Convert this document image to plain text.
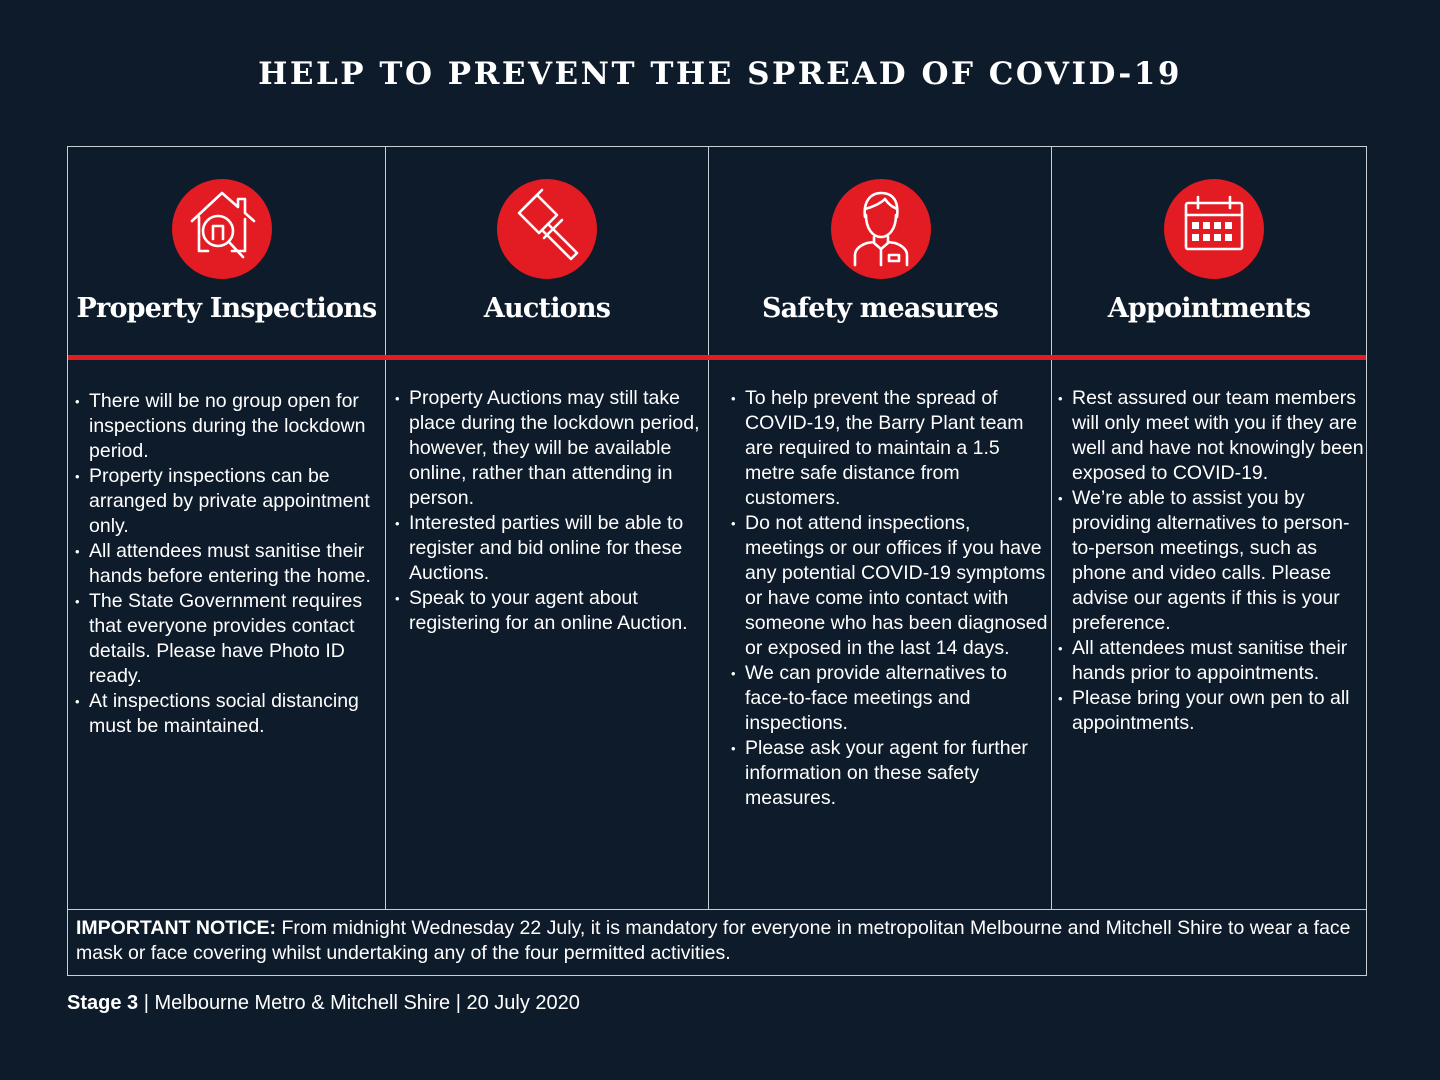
HELP TO PREVENT THE SPREAD OF COVID-19
Property Inspections
• There will be no group open for inspections during the lockdown period.
• Property inspections can be arranged by private appointment only.
• All attendees must sanitise their hands before entering the home.
• The State Government requires that everyone provides contact details. Please have Photo ID ready.
• At inspections social distancing must be maintained.
Auctions
• Property Auctions may still take place during the lockdown period, however, they will be available online, rather than attending in person.
• Interested parties will be able to register and bid online for these Auctions.
• Speak to your agent about registering for an online Auction.
Safety measures
• To help prevent the spread of COVID-19, the Barry Plant team are required to maintain a 1.5 metre safe distance from customers.
• Do not attend inspections, meetings or our offices if you have any potential COVID-19 symptoms or have come into contact with someone who has been diagnosed or exposed in the last 14 days.
• We can provide alternatives to face-to-face meetings and inspections.
• Please ask your agent for further information on these safety measures.
Appointments
• Rest assured our team members will only meet with you if they are well and have not knowingly been exposed to COVID-19.
• We’re able to assist you by providing alternatives to person-to-person meetings, such as phone and video calls. Please advise our agents if this is your preference.
• All attendees must sanitise their hands prior to appointments.
• Please bring your own pen to all appointments.
IMPORTANT NOTICE: From midnight Wednesday 22 July, it is mandatory for everyone in metropolitan Melbourne and Mitchell Shire to wear a face mask or face covering whilst undertaking any of the four permitted activities.
Stage 3 | Melbourne Metro & Mitchell Shire | 20 July 2020
